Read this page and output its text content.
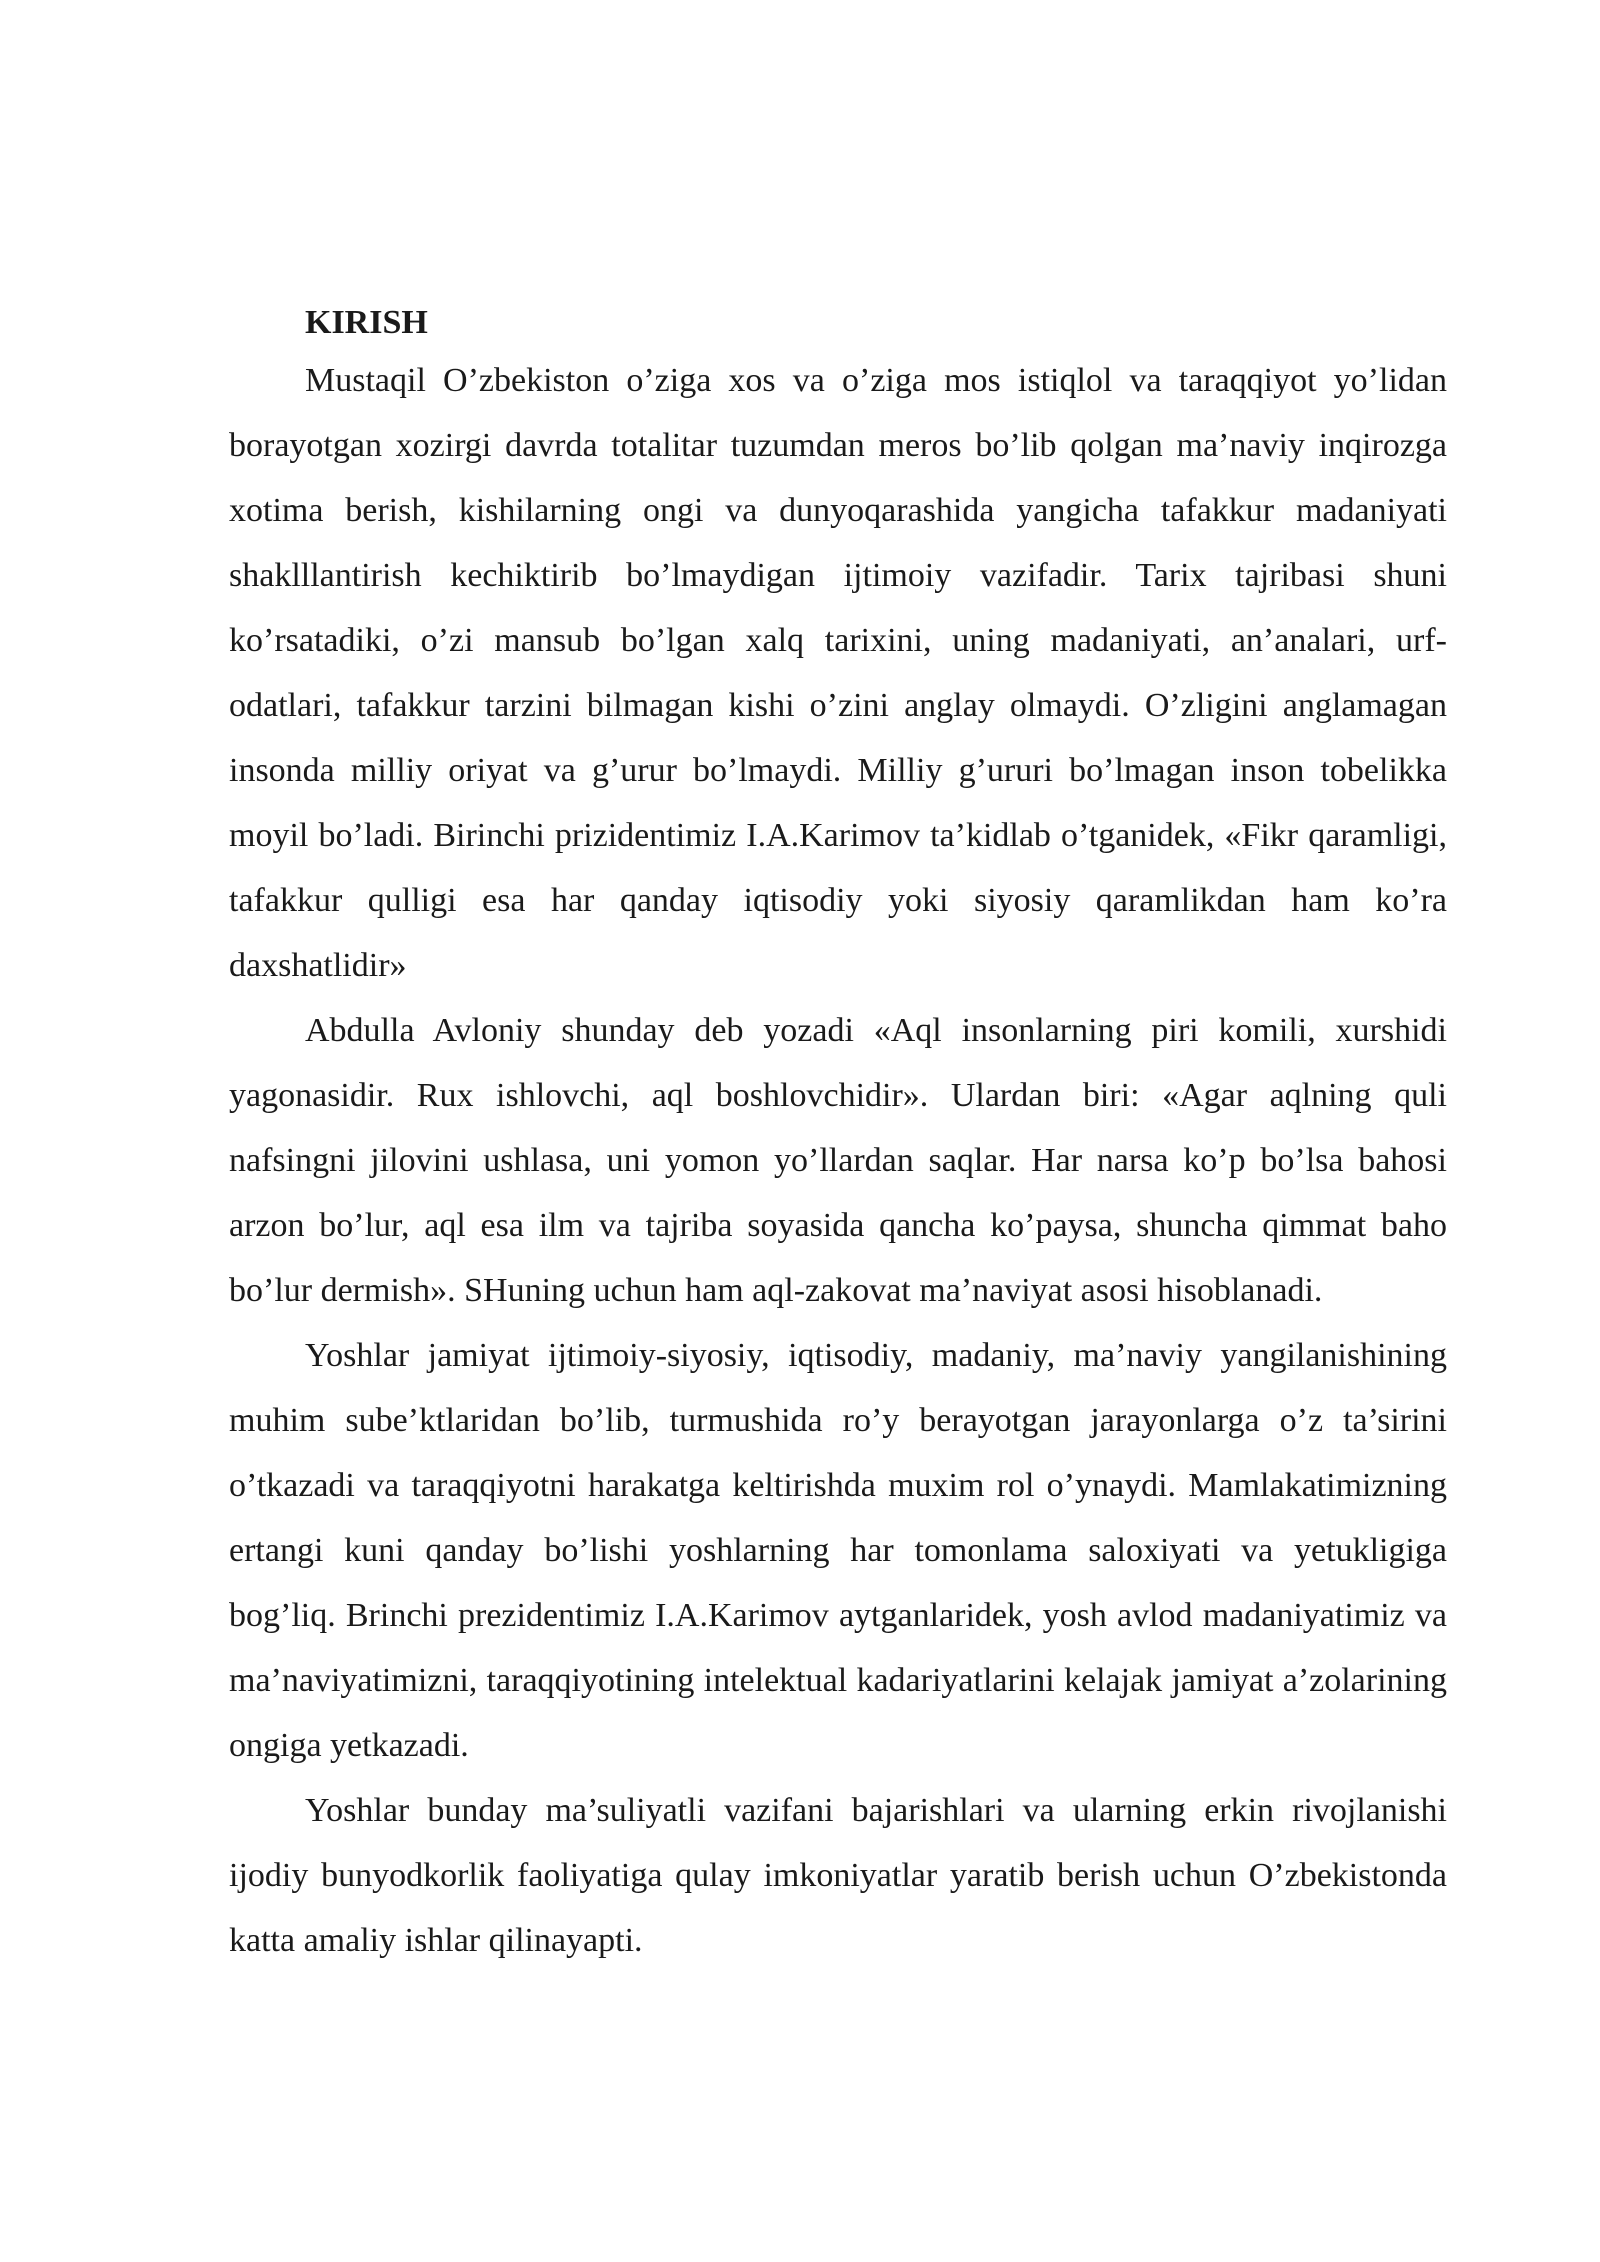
KIRISH

Mustaqil O’zbekiston o’ziga xos va o’ziga mos istiqlol va taraqqiyot yo’lidan borayotgan xozirgi davrda totalitar tuzumdan meros bo’lib qolgan ma’naviy inqirozga xotima berish, kishilarning ongi va dunyoqarashida yangicha tafakkur madaniyati shaklllantirish kechiktirib bo’lmaydigan ijtimoiy vazifadir. Tarix tajribasi shuni ko’rsatadiki, o’zi mansub bo’lgan xalq tarixini, uning madaniyati, an’analari, urf-odatlari, tafakkur tarzini bilmagan kishi o’zini anglay olmaydi. O’zligini anglamagan insonda milliy oriyat va g’urur bo’lmaydi. Milliy g’ururi bo’lmagan inson tobelikka moyil bo’ladi. Birinchi prizidentimiz I.A.Karimov ta’kidlab o’tganidek, «Fikr qaramligi, tafakkur qulligi esa har qanday iqtisodiy yoki siyosiy qaramlikdan ham ko’ra daxshatlidir»

Abdulla Avloniy shunday deb yozadi «Aql insonlarning piri komili, xurshidi yagonasidir. Rux ishlovchi, aql boshlovchidir». Ulardan biri: «Agar aqlning quli nafsingni jilovini ushlasa, uni yomon yo’llardan saqlar. Har narsa ko’p bo’lsa bahosi arzon bo’lur, aql esa ilm va tajriba soyasida qancha ko’paysa, shuncha qimmat baho bo’lur dermish». SHuning uchun ham aql-zakovat ma’naviyat asosi hisoblanadi.

Yoshlar jamiyat ijtimoiy-siyosiy, iqtisodiy, madaniy, ma’naviy yangilanishining muhim sube’ktlaridan bo’lib, turmushida ro’y berayotgan jarayonlarga o’z ta’sirini o’tkazadi va taraqqiyotni harakatga keltirishda muxim rol o’ynaydi. Mamlakatimizning ertangi kuni qanday bo’lishi yoshlarning har tomonlama saloxiyati va yetukligiga bog’liq. Brinchi prezidentimiz I.A.Karimov aytganlaridek, yosh avlod madaniyatimiz va ma’naviyatimizni, taraqqiyotining intelektual kadariyatlarini kelajak jamiyat a’zolarining ongiga yetkazadi.

Yoshlar bunday ma’suliyatli vazifani bajarishlari va ularning erkin rivojlanishi ijodiy bunyodkorlik faoliyatiga qulay imkoniyatlar yaratib berish uchun O’zbekistonda katta amaliy ishlar qilinayapti.
